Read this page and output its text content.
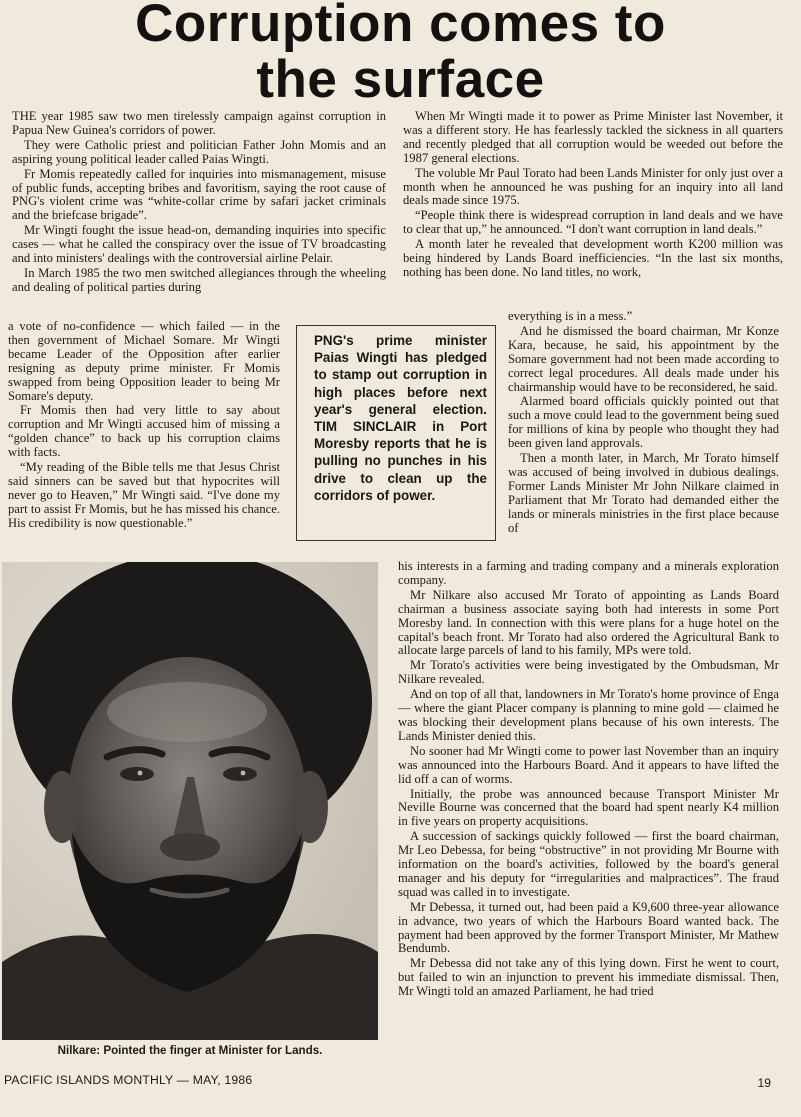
Corruption comes to
the surface

THE year 1985 saw two men tirelessly campaign against corruption in Papua New Guinea's corridors of power.

They were Catholic priest and politician Father John Momis and an aspiring young political leader called Paias Wingti.

Fr Momis repeatedly called for inquiries into mismanagement, misuse of public funds, accepting bribes and favoritism, saying the root cause of PNG's violent crime was “white-collar crime by safari jacket criminals and the briefcase brigade”.

Mr Wingti fought the issue head-on, demanding inquiries into specific cases — what he called the conspiracy over the issue of TV broadcasting and into ministers' dealings with the controversial airline Pelair.

In March 1985 the two men switched allegiances through the wheeling and dealing of political parties during

a vote of no-confidence — which failed — in the then government of Michael Somare. Mr Wingti became Leader of the Opposition after earlier resigning as deputy prime minister. Fr Momis swapped from being Opposition leader to being Mr Somare's deputy.

Fr Momis then had very little to say about corruption and Mr Wingti accused him of missing a “golden chance” to back up his corruption claims with facts.

“My reading of the Bible tells me that Jesus Christ said sinners can be saved but that hypocrites will never go to Heaven,” Mr Wingti said. “I've done my part to assist Fr Momis, but he has missed his chance. His credibility is now questionable.”

PNG's prime minister Paias Wingti has pledged to stamp out corruption in high places before next year's general election. TIM SINCLAIR in Port Moresby reports that he is pulling no punches in his drive to clean up the corridors of power.

When Mr Wingti made it to power as Prime Minister last November, it was a different story. He has fearlessly tackled the sickness in all quarters and recently pledged that all corruption would be weeded out before the 1987 general elections.

The voluble Mr Paul Torato had been Lands Minister for only just over a month when he announced he was pushing for an inquiry into all land deals made since 1975.

“People think there is widespread corruption in land deals and we have to clear that up,” he announced. “I don't want corruption in land deals.”

A month later he revealed that development worth K200 million was being hindered by Lands Board inefficiencies. “In the last six months, nothing has been done. No land titles, no work,

everything is in a mess.”

And he dismissed the board chairman, Mr Konze Kara, because, he said, his appointment by the Somare government had not been made according to correct legal procedures. All deals made under his chairmanship would have to be reconsidered, he said.

Alarmed board officials quickly pointed out that such a move could lead to the government being sued for millions of kina by people who thought they had been given land approvals.

Then a month later, in March, Mr Torato himself was accused of being involved in dubious dealings. Former Lands Minister Mr John Nilkare claimed in Parliament that Mr Torato had demanded either the lands or minerals ministries in the first place because of

his interests in a farming and trading company and a minerals exploration company.

Mr Nilkare also accused Mr Torato of appointing as Lands Board chairman a business associate saying both had interests in some Port Moresby land. In connection with this were plans for a huge hotel on the capital's beach front. Mr Torato had also ordered the Agricultural Bank to allocate large parcels of land to his family, MPs were told.

Mr Torato's activities were being investigated by the Ombudsman, Mr Nilkare revealed.

And on top of all that, landowners in Mr Torato's home province of Enga — where the giant Placer company is planning to mine gold — claimed he was blocking their development plans because of his own interests. The Lands Minister denied this.

No sooner had Mr Wingti come to power last November than an inquiry was announced into the Harbours Board. And it appears to have lifted the lid off a can of worms.

Initially, the probe was announced because Transport Minister Mr Neville Bourne was concerned that the board had spent nearly K4 million in five years on property acquisitions.

A succession of sackings quickly followed — first the board chairman, Mr Leo Debessa, for being “obstructive” in not providing Mr Bourne with information on the board's activities, followed by the board's general manager and his deputy for “irregularities and malpractices”. The fraud squad was called in to investigate.

Mr Debessa, it turned out, had been paid a K9,600 three-year allowance in advance, two years of which the Harbours Board wanted back. The payment had been approved by the former Transport Minister, Mr Mathew Bendumb.

Mr Debessa did not take any of this lying down. First he went to court, but failed to win an injunction to prevent his immediate dismissal. Then, Mr Wingti told an amazed Parliament, he had tried

Nilkare: Pointed the finger at Minister for Lands.
PACIFIC ISLANDS MONTHLY — MAY, 1986	19
